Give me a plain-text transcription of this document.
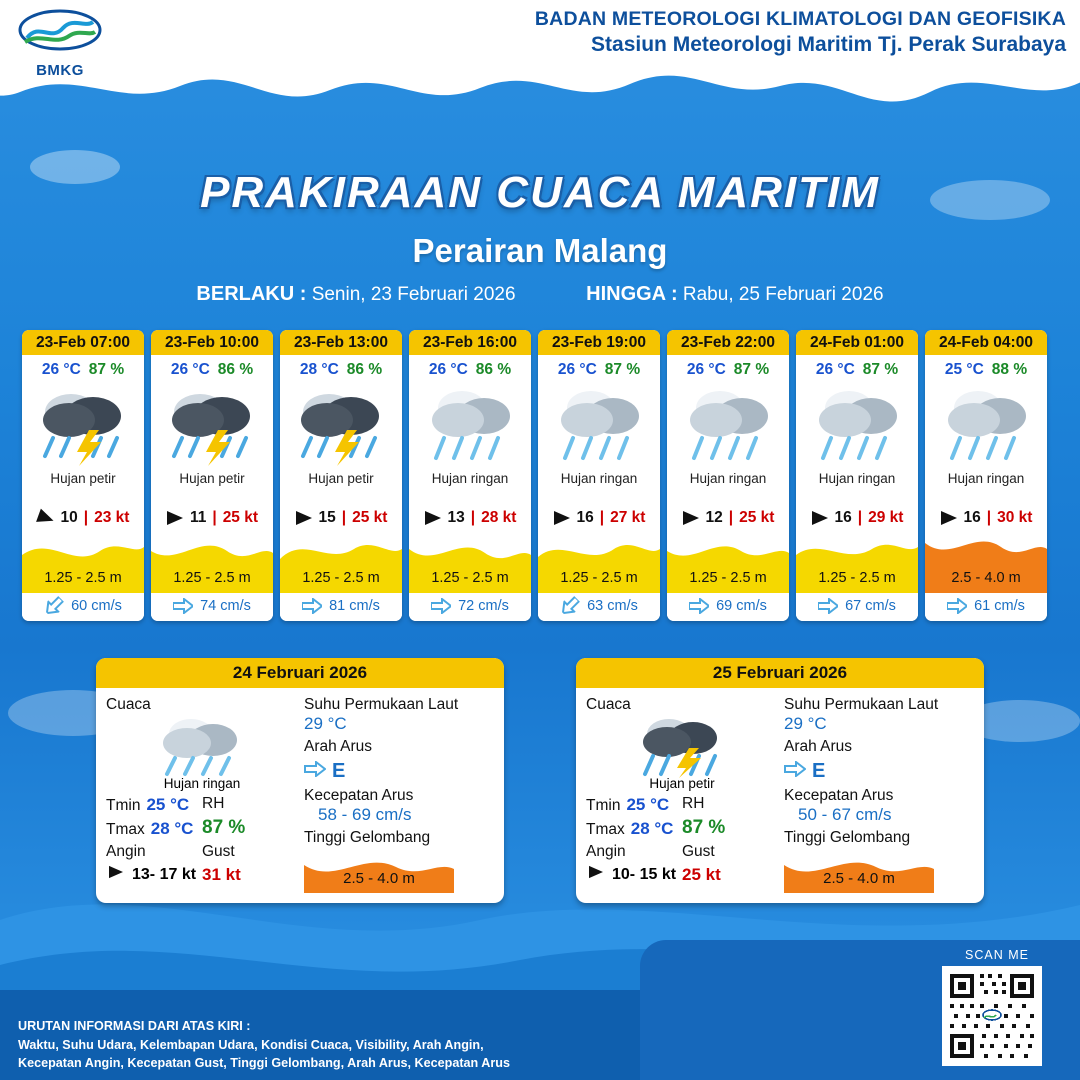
BMKG
BADAN METEOROLOGI KLIMATOLOGI DAN GEOFISIKA
Stasiun Meteorologi Maritim Tj. Perak Surabaya
PRAKIRAAN CUACA MARITIM
Perairan Malang
BERLAKU : Senin, 23 Februari 2026	HINGGA : Rabu, 25 Februari 2026
23-Feb 07:00
26 °C 87 %
Hujan petir
10 | 23 kt
1.25 - 2.5 m
60 cm/s
23-Feb 10:00
26 °C 86 %
Hujan petir
11 | 25 kt
1.25 - 2.5 m
74 cm/s
23-Feb 13:00
28 °C 86 %
Hujan petir
15 | 25 kt
1.25 - 2.5 m
81 cm/s
23-Feb 16:00
26 °C 86 %
Hujan ringan
13 | 28 kt
1.25 - 2.5 m
72 cm/s
23-Feb 19:00
26 °C 87 %
Hujan ringan
16 | 27 kt
1.25 - 2.5 m
63 cm/s
23-Feb 22:00
26 °C 87 %
Hujan ringan
12 | 25 kt
1.25 - 2.5 m
69 cm/s
24-Feb 01:00
26 °C 87 %
Hujan ringan
16 | 29 kt
1.25 - 2.5 m
67 cm/s
24-Feb 04:00
25 °C 88 %
Hujan ringan
16 | 30 kt
2.5 - 4.0 m
61 cm/s
24 Februari 2026
Cuaca
Hujan ringan
Tmin 25 °C
Tmax 28 °C
RH
87 %
Angin
13- 17 kt
Gust
31 kt
Suhu Permukaan Laut
29 °C
Arah Arus
E
Kecepatan Arus
58 - 69 cm/s
Tinggi Gelombang
2.5 - 4.0 m
25 Februari 2026
Cuaca
Hujan petir
Tmin 25 °C
Tmax 28 °C
RH
87 %
Angin
10- 15 kt
Gust
25 kt
Suhu Permukaan Laut
29 °C
Arah Arus
E
Kecepatan Arus
50 - 67 cm/s
Tinggi Gelombang
2.5 - 4.0 m
URUTAN INFORMASI DARI ATAS KIRI :
Waktu, Suhu Udara, Kelembapan Udara, Kondisi Cuaca, Visibility, Arah Angin,
Kecepatan Angin, Kecepatan Gust, Tinggi Gelombang, Arah Arus, Kecepatan Arus
SCAN ME
